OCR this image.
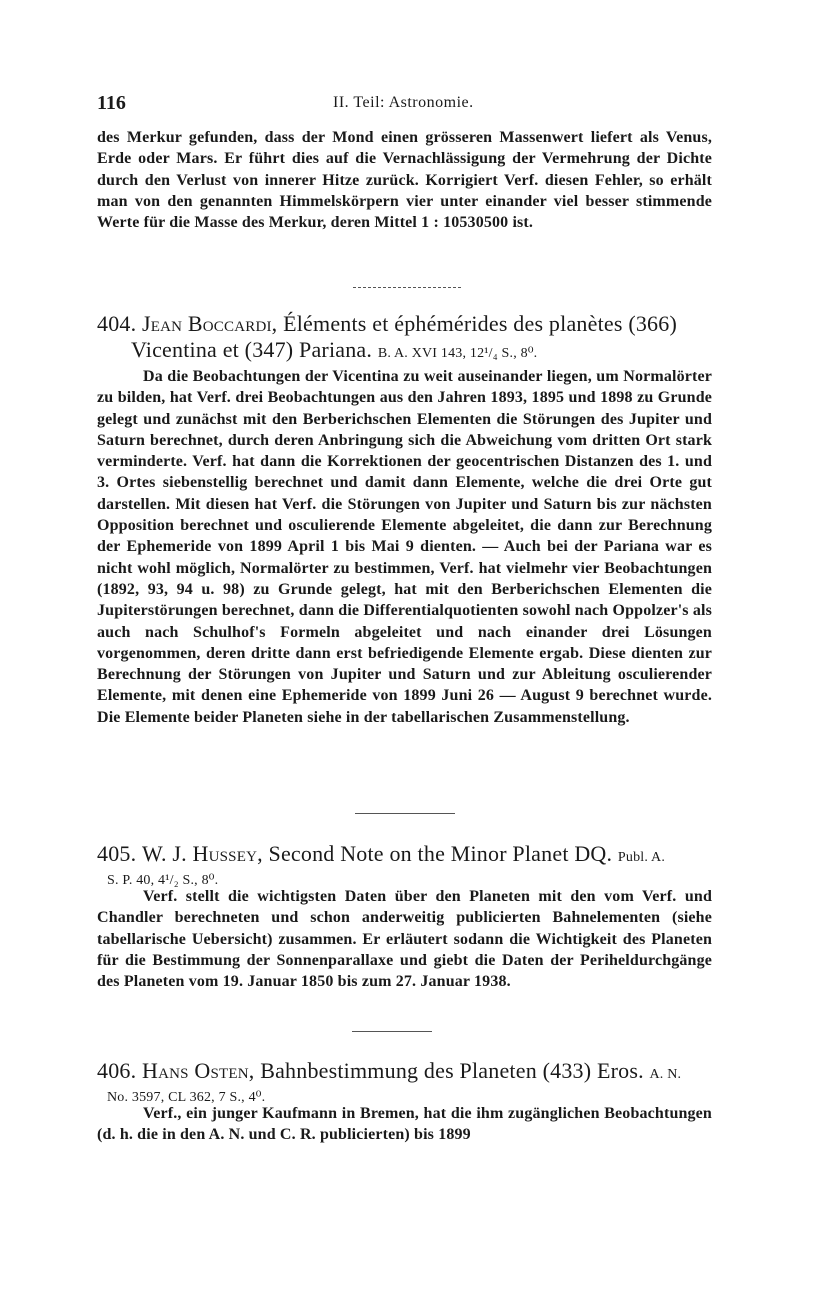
116	II. Teil: Astronomie.
des Merkur gefunden, dass der Mond einen grösseren Massenwert liefert als Venus, Erde oder Mars. Er führt dies auf die Vernachlässigung der Vermehrung der Dichte durch den Verlust von innerer Hitze zurück. Korrigiert Verf. diesen Fehler, so erhält man von den genannten Himmelskörpern vier unter einander viel besser stimmende Werte für die Masse des Merkur, deren Mittel 1 : 10530500 ist.
404. Jean Boccardi, Éléments et éphémérides des planètes (366)
Vicentina et (347) Pariana. B. A. XVI 143, 12¹/₄ S., 8⁰.
Da die Beobachtungen der Vicentina zu weit auseinander liegen, um Normalörter zu bilden, hat Verf. drei Beobachtungen aus den Jahren 1893, 1895 und 1898 zu Grunde gelegt und zunächst mit den Berberichschen Elementen die Störungen des Jupiter und Saturn berechnet, durch deren Anbringung sich die Abweichung vom dritten Ort stark verminderte. Verf. hat dann die Korrektionen der geocentrischen Distanzen des 1. und 3. Ortes siebenstellig berechnet und damit dann Elemente, welche die drei Orte gut darstellen. Mit diesen hat Verf. die Störungen von Jupiter und Saturn bis zur nächsten Opposition berechnet und osculierende Elemente abgeleitet, die dann zur Berechnung der Ephemeride von 1899 April 1 bis Mai 9 dienten. — Auch bei der Pariana war es nicht wohl möglich, Normalörter zu bestimmen, Verf. hat vielmehr vier Beobachtungen (1892, 93, 94 u. 98) zu Grunde gelegt, hat mit den Berberichschen Elementen die Jupiterstörungen berechnet, dann die Differentialquotienten sowohl nach Oppolzer's als auch nach Schulhof's Formeln abgeleitet und nach einander drei Lösungen vorgenommen, deren dritte dann erst befriedigende Elemente ergab. Diese dienten zur Berechnung der Störungen von Jupiter und Saturn und zur Ableitung osculierender Elemente, mit denen eine Ephemeride von 1899 Juni 26 — August 9 berechnet wurde. Die Elemente beider Planeten siehe in der tabellarischen Zusammenstellung.
405. W. J. Hussey, Second Note on the Minor Planet DQ. Publ. A.
S. P. 40, 4¹/₂ S., 8⁰.
Verf. stellt die wichtigsten Daten über den Planeten mit den vom Verf. und Chandler berechneten und schon anderweitig publicierten Bahnelementen (siehe tabellarische Uebersicht) zusammen. Er erläutert sodann die Wichtigkeit des Planeten für die Bestimmung der Sonnenparallaxe und giebt die Daten der Periheldurchgänge des Planeten vom 19. Januar 1850 bis zum 27. Januar 1938.
406. Hans Osten, Bahnbestimmung des Planeten (433) Eros. A. N.
No. 3597, CL 362, 7 S., 4⁰.
Verf., ein junger Kaufmann in Bremen, hat die ihm zugänglichen Beobachtungen (d. h. die in den A. N. und C. R. publicierten) bis 1899
